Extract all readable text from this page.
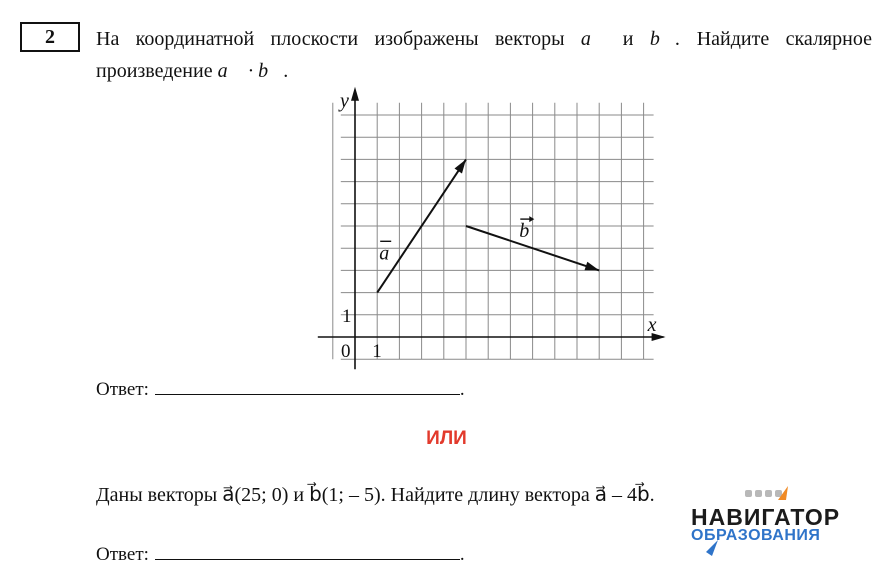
2	На координатной плоскости изображены векторы a⃗ и b⃗. Найдите скалярное
произведение a⃗ · b⃗.
y
x
0 1
1
a
b
Ответ:	.
ИЛИ
Даны векторы a⃗(25; 0) и b⃗(1; – 5). Найдите длину вектора a⃗ – 4b⃗.
Ответ:	.
НАВИГАТОР
ОБРАЗОВАНИЯ
